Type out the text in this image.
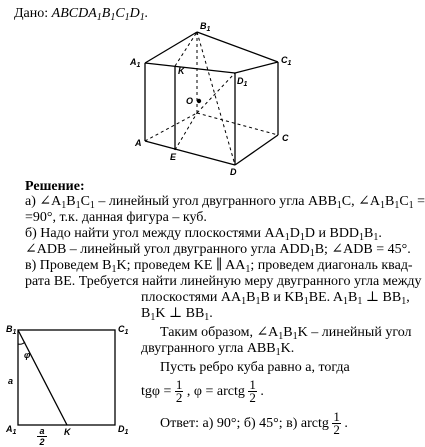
Дано: $ABCDA_1B_1C_1D_1$.
$B_1$
$A_1$
$C_1$
K
$D_1$
O
A	C
E
D
Решение:
а) $\angle A_1B_1C_1$ – линейный угол двугранного угла $ABB_1C$, $\angle A_1B_1C_1$ =
=90°, т.к. данная фигура – куб.
б) Надо найти угол между плоскостями $AA_1D_1D$ и $BDD_1B_1$.
∠ADB – линейный угол двугранного угла $ADD_1B$; ∠ADB = 45°.
в) Проведем $B_1K$; проведем KE ∥ $AA_1$; проведем диагональ квад-
рата BE. Требуется найти линейную меру двугранного угла между
плоскостями $AA_1B_1B$ и $KB_1BE$. $A_1B_1$ ⊥ $BB_1$,
$B_1K$ ⊥ $BB_1$.
Таким образом, $\angle A_1B_1K$ – линейный угол
двугранного угла $ABB_1K$.
Пусть ребро куба равно a, тогда
$tg\varphi = \frac{1}{2}$ , φ = arctg $\frac{1}{2}$ .
Ответ: а) 90°; б) 45°; в) arctg $\frac{1}{2}$ .
$B_1$	$C_1$
φ
a
$A_1$	K	$D_1$
a
2
